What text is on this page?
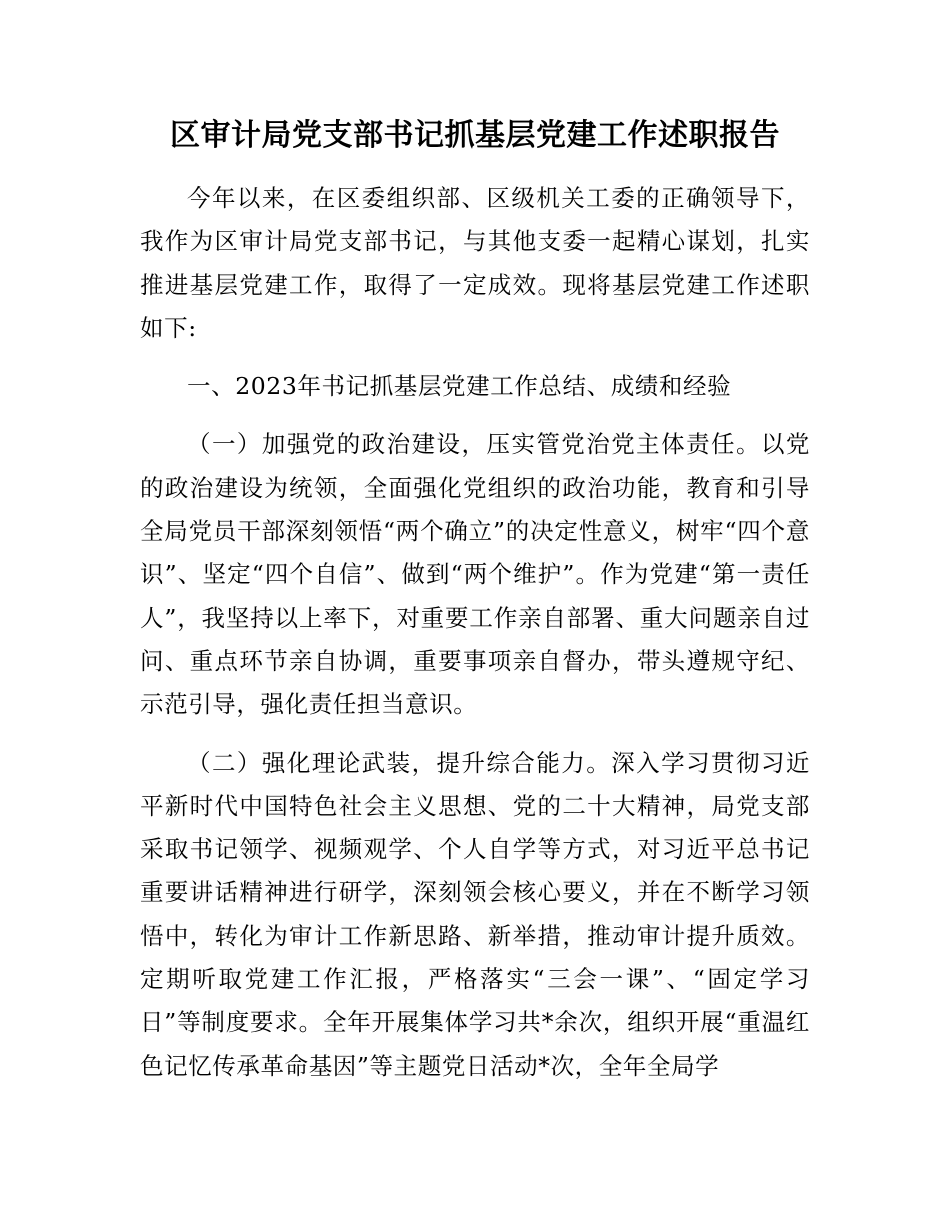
区审计局党支部书记抓基层党建工作述职报告

今年以来，在区委组织部、区级机关工委的正确领导下，我作为区审计局党支部书记，与其他支委一起精心谋划，扎实推进基层党建工作，取得了一定成效。现将基层党建工作述职如下:

一、2023年书记抓基层党建工作总结、成绩和经验

（一）加强党的政治建设，压实管党治党主体责任。以党的政治建设为统领，全面强化党组织的政治功能，教育和引导全局党员干部深刻领悟“两个确立”的决定性意义，树牢“四个意识”、坚定“四个自信”、做到“两个维护”。作为党建“第一责任人”，我坚持以上率下，对重要工作亲自部署、重大问题亲自过问、重点环节亲自协调，重要事项亲自督办，带头遵规守纪、示范引导，强化责任担当意识。

（二）强化理论武装，提升综合能力。深入学习贯彻习近平新时代中国特色社会主义思想、党的二十大精神，局党支部采取书记领学、视频观学、个人自学等方式，对习近平总书记重要讲话精神进行研学，深刻领会核心要义，并在不断学习领悟中，转化为审计工作新思路、新举措，推动审计提升质效。定期听取党建工作汇报，严格落实“三会一课”、“固定学习日”等制度要求。全年开展集体学习共*余次，组织开展“重温红色记忆传承革命基因”等主题党日活动*次，全年全局学
